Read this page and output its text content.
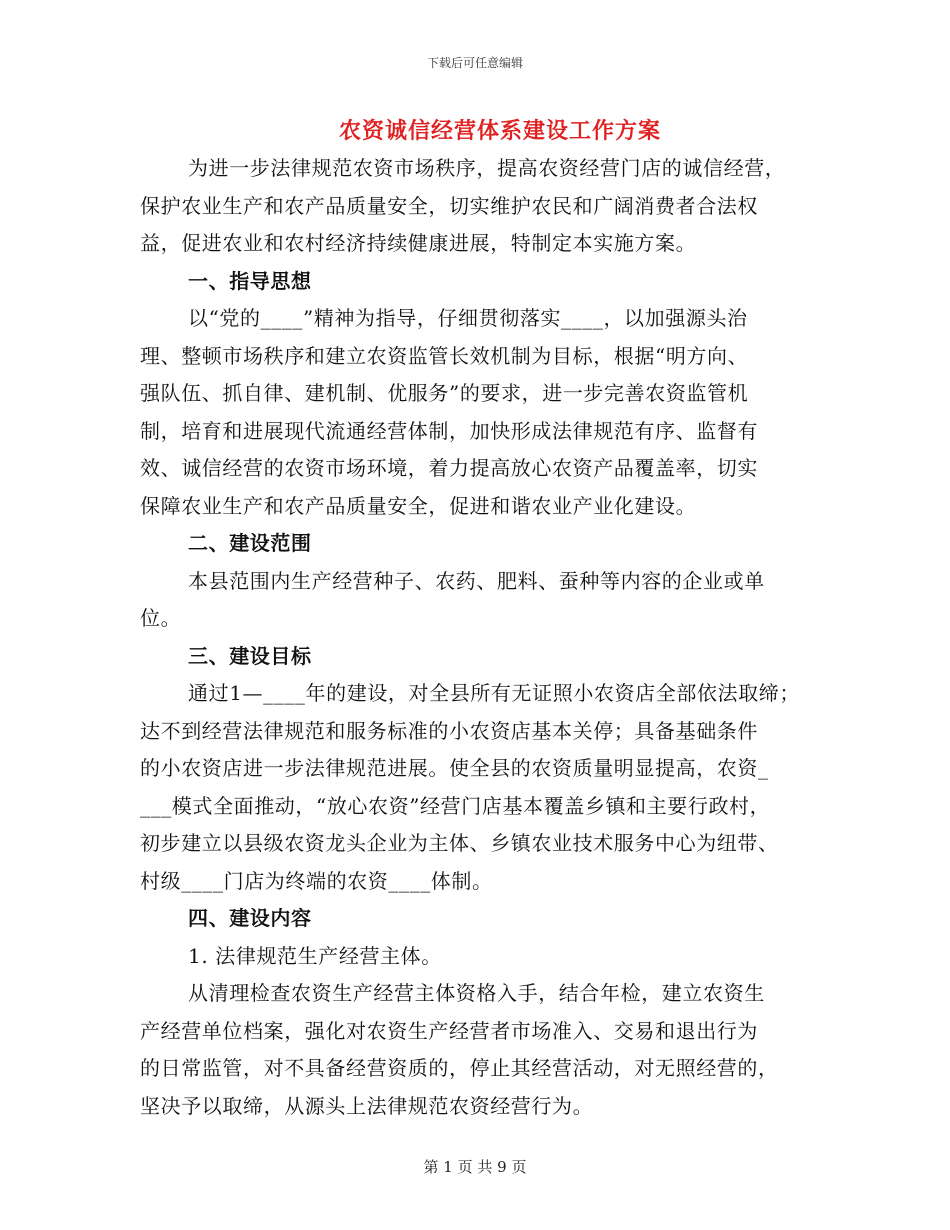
下载后可任意编辑
农资诚信经营体系建设工作方案
为进一步法律规范农资市场秩序，提高农资经营门店的诚信经营，
保护农业生产和农产品质量安全，切实维护农民和广阔消费者合法权
益，促进农业和农村经济持续健康进展，特制定本实施方案。
一、指导思想
以“党的____”精神为指导，仔细贯彻落实____，以加强源头治
理、整顿市场秩序和建立农资监管长效机制为目标，根据“明方向、
强队伍、抓自律、建机制、优服务”的要求，进一步完善农资监管机
制，培育和进展现代流通经营体制，加快形成法律规范有序、监督有
效、诚信经营的农资市场环境，着力提高放心农资产品覆盖率，切实
保障农业生产和农产品质量安全，促进和谐农业产业化建设。
二、建设范围
本县范围内生产经营种子、农药、肥料、蚕种等内容的企业或单
位。
三、建设目标
通过1—____年的建设，对全县所有无证照小农资店全部依法取缔；
达不到经营法律规范和服务标准的小农资店基本关停；具备基础条件
的小农资店进一步法律规范进展。使全县的农资质量明显提高，农资_
___模式全面推动，“放心农资”经营门店基本覆盖乡镇和主要行政村，
初步建立以县级农资龙头企业为主体、乡镇农业技术服务中心为纽带、
村级____门店为终端的农资____体制。
四、建设内容
1. 法律规范生产经营主体。
从清理检查农资生产经营主体资格入手，结合年检，建立农资生
产经营单位档案，强化对农资生产经营者市场准入、交易和退出行为
的日常监管，对不具备经营资质的，停止其经营活动，对无照经营的，
坚决予以取缔，从源头上法律规范农资经营行为。
第 1 页 共 9 页
